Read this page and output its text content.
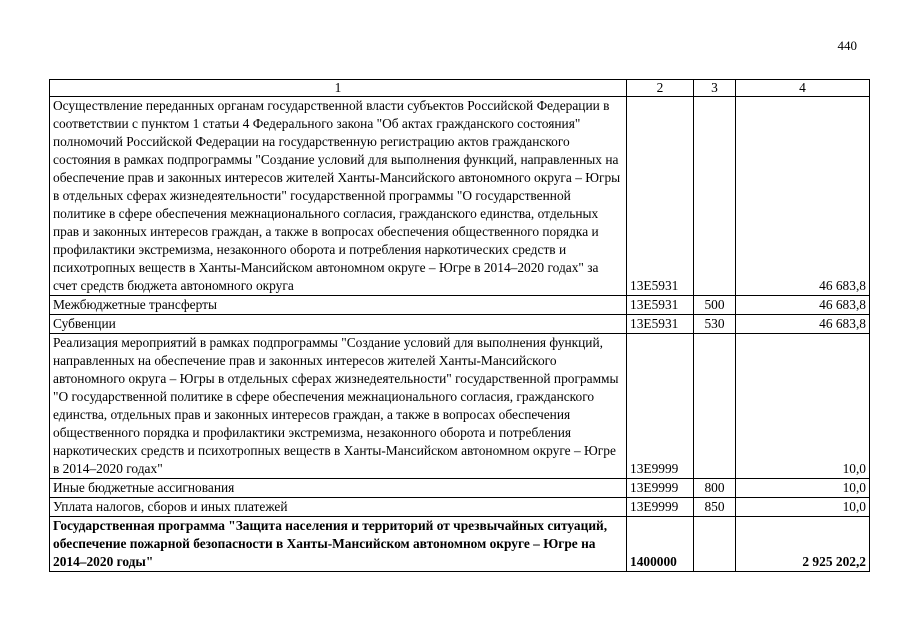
440
1	2	3	4
Осуществление переданных органам государственной власти субъектов Российской Федерации в соответствии с пунктом 1 статьи 4 Федерального закона "Об актах гражданского состояния" полномочий Российской Федерации на государственную регистрацию актов гражданского состояния в рамках подпрограммы "Создание условий для выполнения функций, направленных на обеспечение прав и законных интересов жителей Ханты-Мансийского автономного округа – Югры в отдельных сферах жизнедеятельности" государственной программы "О государственной политике в сфере обеспечения межнационального согласия, гражданского единства, отдельных прав и законных интересов граждан, а также в вопросах обеспечения общественного порядка и профилактики экстремизма, незаконного оборота и потребления наркотических средств и психотропных веществ в Ханты-Мансийском автономном округе – Югре в 2014–2020 годах" за счет средств бюджета автономного округа	13Е5931		46 683,8
Межбюджетные трансферты	13Е5931	500	46 683,8
Субвенции	13Е5931	530	46 683,8
Реализация мероприятий в рамках подпрограммы "Создание условий для выполнения функций, направленных на обеспечение прав и законных интересов жителей Ханты-Мансийского автономного округа – Югры в отдельных сферах жизнедеятельности" государственной программы "О государственной политике в сфере обеспечения межнационального согласия, гражданского единства, отдельных прав и законных интересов граждан, а также в вопросах обеспечения общественного порядка и профилактики экстремизма, незаконного оборота и потребления наркотических средств и психотропных веществ в Ханты-Мансийском автономном округе – Югре в 2014–2020 годах"	13Е9999		10,0
Иные бюджетные ассигнования	13Е9999	800	10,0
Уплата налогов, сборов и иных платежей	13Е9999	850	10,0
Государственная программа "Защита населения и территорий от чрезвычайных ситуаций, обеспечение пожарной безопасности в Ханты-Мансийском автономном округе – Югре на 2014–2020 годы"	1400000		2 925 202,2
